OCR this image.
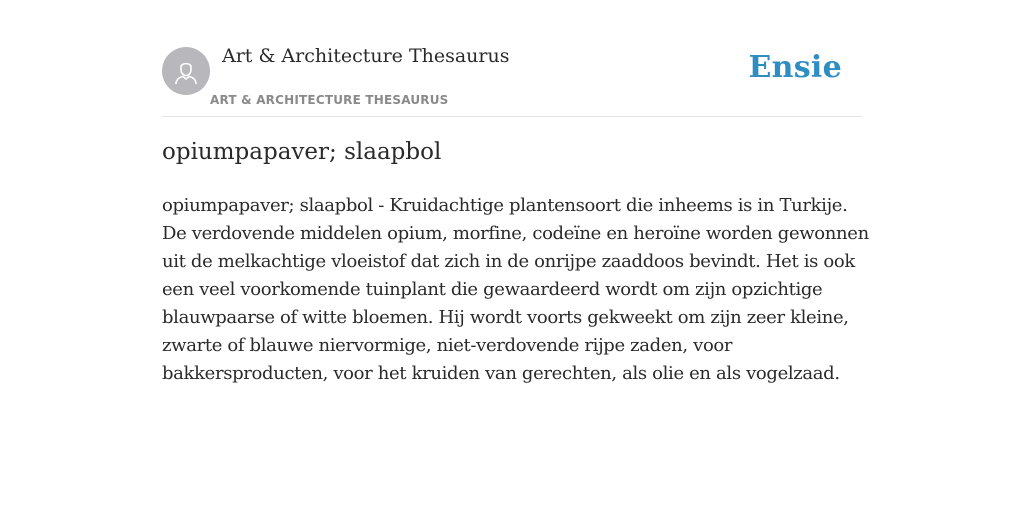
Art & Architecture Thesaurus
ART & ARCHITECTURE THESAURUS
Ensie
opiumpapaver; slaapbol

opiumpapaver; slaapbol - Kruidachtige plantensoort die inheems is in Turkije. De verdovende middelen opium, morfine, codeïne en heroïne worden gewonnen uit de melkachtige vloeistof dat zich in de onrijpe zaaddoos bevindt. Het is ook een veel voorkomende tuinplant die gewaardeerd wordt om zijn opzichtige blauwpaarse of witte bloemen. Hij wordt voorts gekweekt om zijn zeer kleine, zwarte of blauwe niervormige, niet-verdovende rijpe zaden, voor bakkersproducten, voor het kruiden van gerechten, als olie en als vogelzaad.
